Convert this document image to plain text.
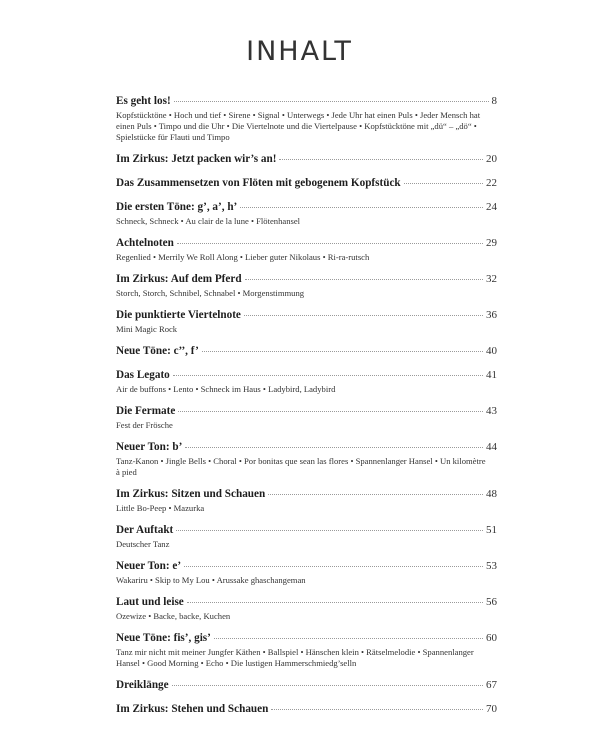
INHALT
Es geht los!	8
Kopfstücktöne • Hoch und tief • Sirene • Signal • Unterwegs • Jede Uhr hat einen Puls • Jeder Mensch hat einen Puls • Timpo und die Uhr • Die Viertelnote und die Viertelpause • Kopfstücktöne mit „dü“ – „dö“ • Spielstücke für Flauti und Timpo
Im Zirkus: Jetzt packen wir’s an!	20
Das Zusammensetzen von Flöten mit gebogenem Kopfstück	22
Die ersten Töne: g’, a’, h’	24
Schneck, Schneck • Au clair de la lune • Flötenhansel
Achtelnoten	29
Regenlied • Merrily We Roll Along • Lieber guter Nikolaus • Ri-ra-rutsch
Im Zirkus: Auf dem Pferd	32
Storch, Storch, Schnibel, Schnabel • Morgenstimmung
Die punktierte Viertelnote	36
Mini Magic Rock
Neue Töne: c’’, f’	40
Das Legato	41
Air de buffons • Lento • Schneck im Haus • Ladybird, Ladybird
Die Fermate	43
Fest der Frösche
Neuer Ton: b’	44
Tanz-Kanon • Jingle Bells • Choral • Por bonitas que sean las flores • Spannenlanger Hansel • Un kilomètre à pied
Im Zirkus: Sitzen und Schauen	48
Little Bo-Peep • Mazurka
Der Auftakt	51
Deutscher Tanz
Neuer Ton: e’	53
Wakariru • Skip to My Lou • Arussake ghaschangeman
Laut und leise	56
Ozewize • Backe, backe, Kuchen
Neue Töne: fis’, gis’	60
Tanz mir nicht mit meiner Jungfer Käthen • Ballspiel • Hänschen klein • Rätselmelodie • Spannenlanger Hansel • Good Morning • Echo • Die lustigen Hammerschmiedg’selln
Dreiklänge	67
Im Zirkus: Stehen und Schauen	70
